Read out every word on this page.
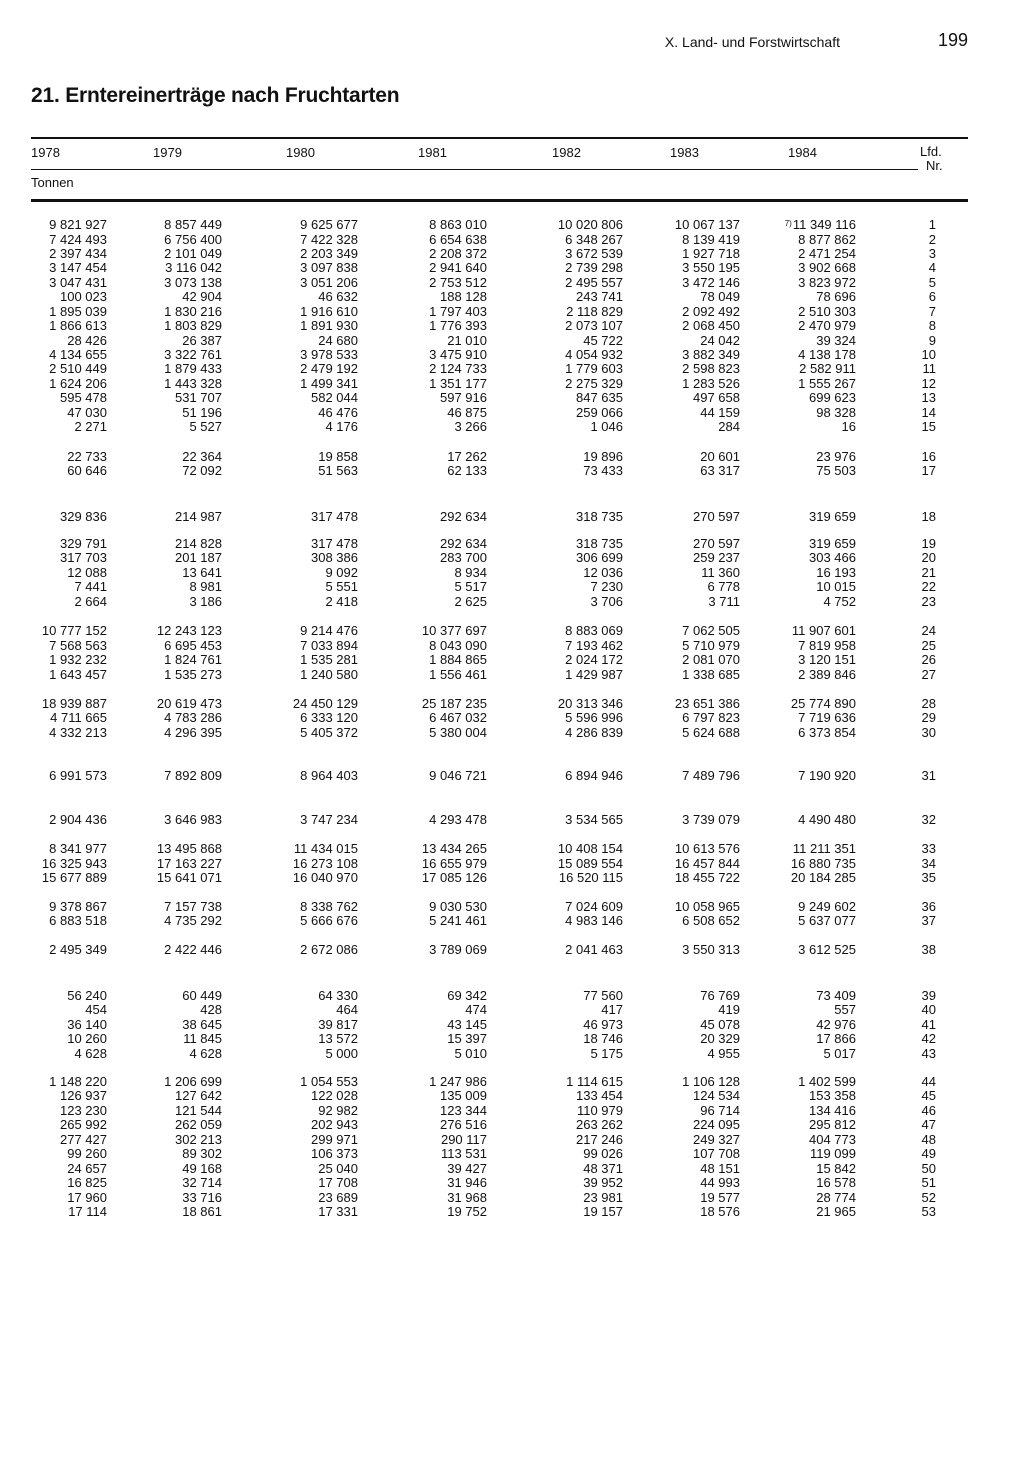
X. Land- und Forstwirtschaft	199
21. Erntereinerträge nach Fruchtarten
1978	1979	1980	1981	1982	1983	1984	Lfd.
Nr.
Tonnen
9 821 927	8 857 449	9 625 677	8 863 010	10 020 806	10 067 137	$^{7)}$11 349 116	1
7 424 493	6 756 400	7 422 328	6 654 638	6 348 267	8 139 419	8 877 862	2
2 397 434	2 101 049	2 203 349	2 208 372	3 672 539	1 927 718	2 471 254	3
3 147 454	3 116 042	3 097 838	2 941 640	2 739 298	3 550 195	3 902 668	4
3 047 431	3 073 138	3 051 206	2 753 512	2 495 557	3 472 146	3 823 972	5
100 023	42 904	46 632	188 128	243 741	78 049	78 696	6
1 895 039	1 830 216	1 916 610	1 797 403	2 118 829	2 092 492	2 510 303	7
1 866 613	1 803 829	1 891 930	1 776 393	2 073 107	2 068 450	2 470 979	8
28 426	26 387	24 680	21 010	45 722	24 042	39 324	9
4 134 655	3 322 761	3 978 533	3 475 910	4 054 932	3 882 349	4 138 178	10
2 510 449	1 879 433	2 479 192	2 124 733	1 779 603	2 598 823	2 582 911	11
1 624 206	1 443 328	1 499 341	1 351 177	2 275 329	1 283 526	1 555 267	12
595 478	531 707	582 044	597 916	847 635	497 658	699 623	13
47 030	51 196	46 476	46 875	259 066	44 159	98 328	14
2 271	5 527	4 176	3 266	1 046	284	16	15
22 733	22 364	19 858	17 262	19 896	20 601	23 976	16
60 646	72 092	51 563	62 133	73 433	63 317	75 503	17
329 836	214 987	317 478	292 634	318 735	270 597	319 659	18
329 791	214 828	317 478	292 634	318 735	270 597	319 659	19
317 703	201 187	308 386	283 700	306 699	259 237	303 466	20
12 088	13 641	9 092	8 934	12 036	11 360	16 193	21
7 441	8 981	5 551	5 517	7 230	6 778	10 015	22
2 664	3 186	2 418	2 625	3 706	3 711	4 752	23
10 777 152	12 243 123	9 214 476	10 377 697	8 883 069	7 062 505	11 907 601	24
7 568 563	6 695 453	7 033 894	8 043 090	7 193 462	5 710 979	7 819 958	25
1 932 232	1 824 761	1 535 281	1 884 865	2 024 172	2 081 070	3 120 151	26
1 643 457	1 535 273	1 240 580	1 556 461	1 429 987	1 338 685	2 389 846	27
18 939 887	20 619 473	24 450 129	25 187 235	20 313 346	23 651 386	25 774 890	28
4 711 665	4 783 286	6 333 120	6 467 032	5 596 996	6 797 823	7 719 636	29
4 332 213	4 296 395	5 405 372	5 380 004	4 286 839	5 624 688	6 373 854	30
6 991 573	7 892 809	8 964 403	9 046 721	6 894 946	7 489 796	7 190 920	31
2 904 436	3 646 983	3 747 234	4 293 478	3 534 565	3 739 079	4 490 480	32
8 341 977	13 495 868	11 434 015	13 434 265	10 408 154	10 613 576	11 211 351	33
16 325 943	17 163 227	16 273 108	16 655 979	15 089 554	16 457 844	16 880 735	34
15 677 889	15 641 071	16 040 970	17 085 126	16 520 115	18 455 722	20 184 285	35
9 378 867	7 157 738	8 338 762	9 030 530	7 024 609	10 058 965	9 249 602	36
6 883 518	4 735 292	5 666 676	5 241 461	4 983 146	6 508 652	5 637 077	37
2 495 349	2 422 446	2 672 086	3 789 069	2 041 463	3 550 313	3 612 525	38
56 240	60 449	64 330	69 342	77 560	76 769	73 409	39
454	428	464	474	417	419	557	40
36 140	38 645	39 817	43 145	46 973	45 078	42 976	41
10 260	11 845	13 572	15 397	18 746	20 329	17 866	42
4 628	4 628	5 000	5 010	5 175	4 955	5 017	43
1 148 220	1 206 699	1 054 553	1 247 986	1 114 615	1 106 128	1 402 599	44
126 937	127 642	122 028	135 009	133 454	124 534	153 358	45
123 230	121 544	92 982	123 344	110 979	96 714	134 416	46
265 992	262 059	202 943	276 516	263 262	224 095	295 812	47
277 427	302 213	299 971	290 117	217 246	249 327	404 773	48
99 260	89 302	106 373	113 531	99 026	107 708	119 099	49
24 657	49 168	25 040	39 427	48 371	48 151	15 842	50
16 825	32 714	17 708	31 946	39 952	44 993	16 578	51
17 960	33 716	23 689	31 968	23 981	19 577	28 774	52
17 114	18 861	17 331	19 752	19 157	18 576	21 965	53
